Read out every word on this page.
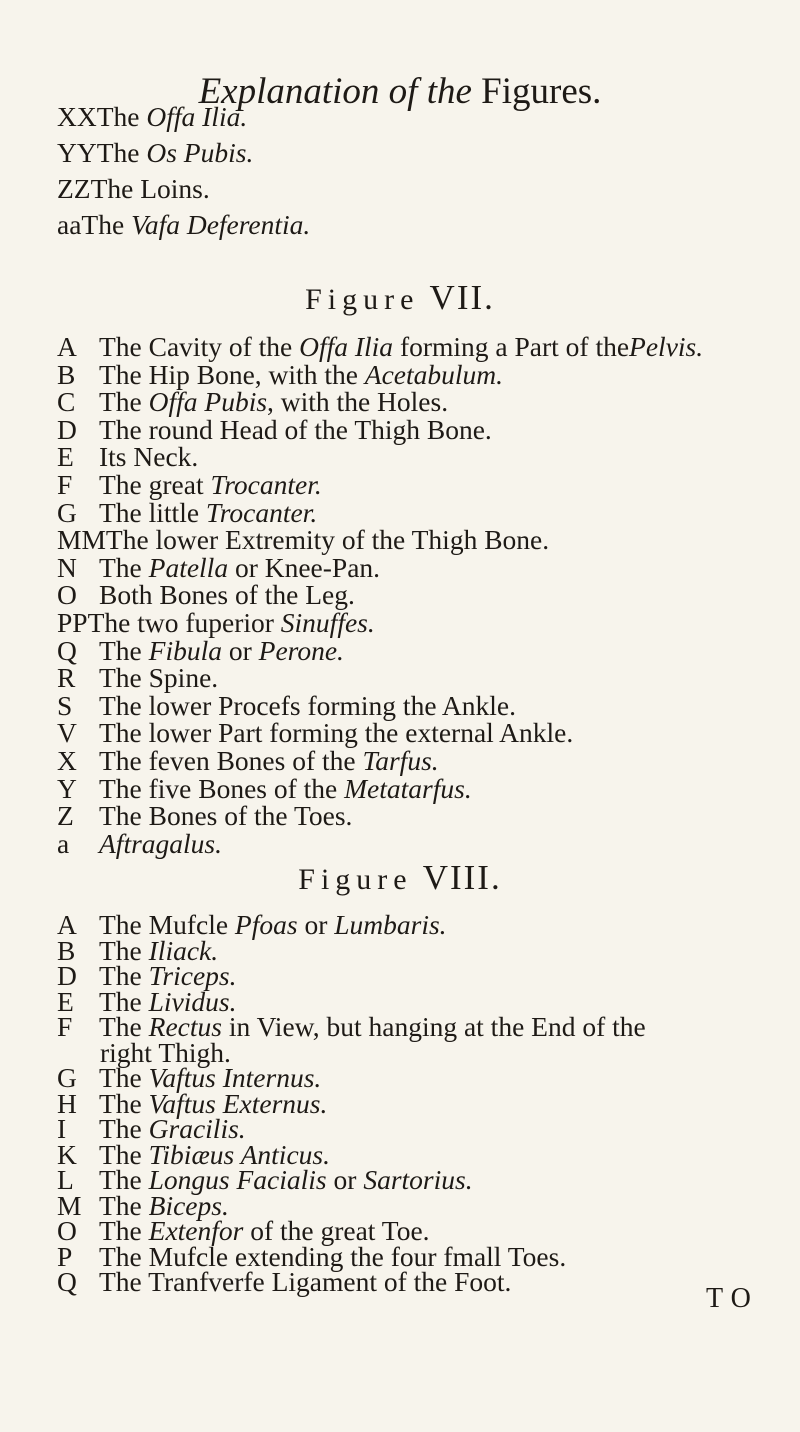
Explanation of the Figures.
XXThe Offa Ilia.
YYThe Os Pubis.
ZZThe Loins.
aaThe Vafa Deferentia.
Figure VII.
A The Cavity of the Offa Ilia forming a Part of thePelvis.
B The Hip Bone, with the Acetabulum.
C The Offa Pubis, with the Holes.
D The round Head of the Thigh Bone.
E Its Neck.
F The great Trocanter.
G The little Trocanter.
MMThe lower Extremity of the Thigh Bone.
N The Patella or Knee-Pan.
O Both Bones of the Leg.
PPThe two fuperior Sinuffes.
Q The Fibula or Perone.
R The Spine.
S The lower Procefs forming the Ankle.
V The lower Part forming the external Ankle.
X The feven Bones of the Tarfus.
Y The five Bones of the Metatarfus.
Z The Bones of the Toes.
a Aftragalus.
Figure VIII.
A The Mufcle Pfoas or Lumbaris.
B The Iliack.
D The Triceps.
E The Lividus.
F The Rectus in View, but hanging at the End of the
right Thigh.
G The Vaftus Internus.
H The Vaftus Externus.
I The Gracilis.
K The Tibiæus Anticus.
L The Longus Facialis or Sartorius.
M The Biceps.
O The Extenfor of the great Toe.
P The Mufcle extending the four fmall Toes.
Q The Tranfverfe Ligament of the Foot.
TO
